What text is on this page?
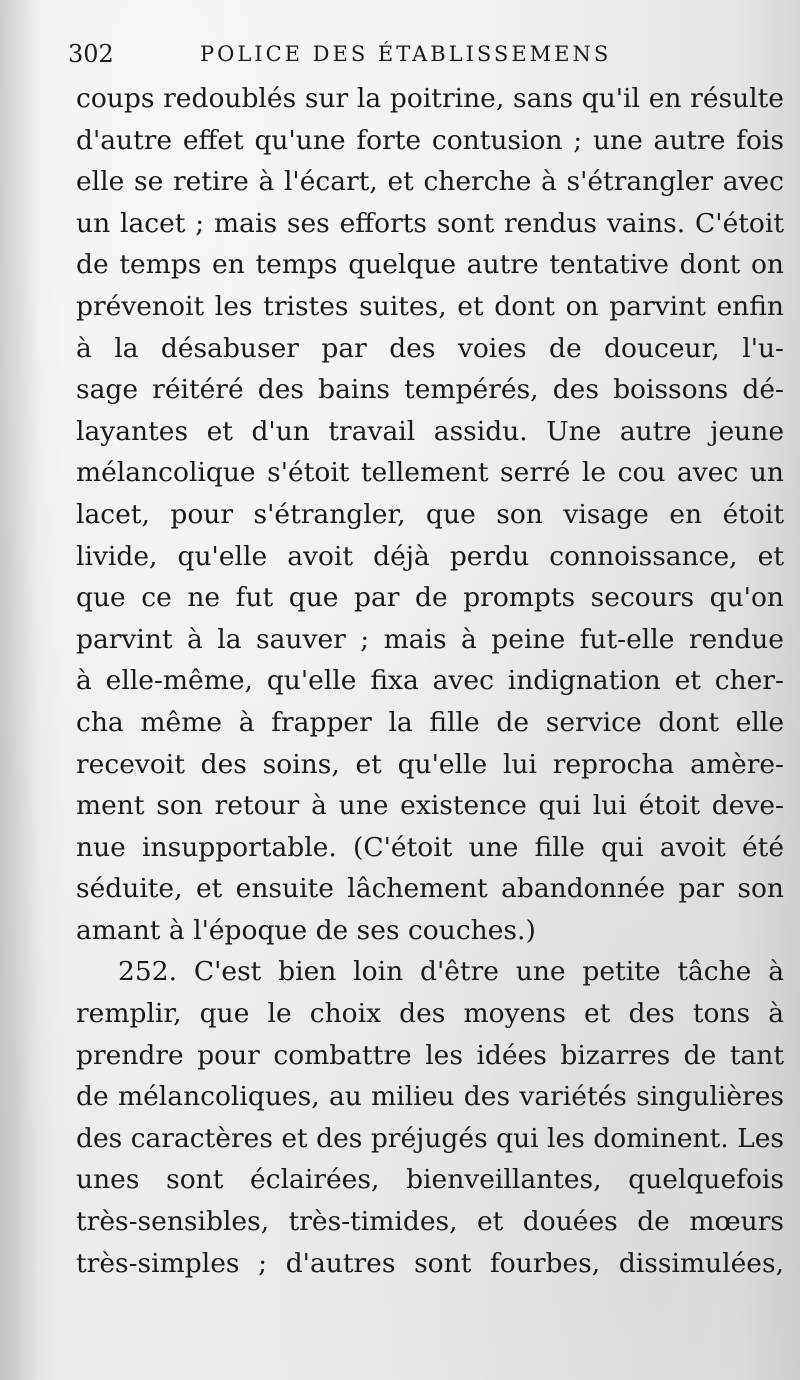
302	POLICE DES ÉTABLISSEMENS
coups redoublés sur la poitrine, sans qu'il en résulte
d'autre effet qu'une forte contusion ; une autre fois
elle se retire à l'écart, et cherche à s'étrangler avec
un lacet ; mais ses efforts sont rendus vains. C'étoit
de temps en temps quelque autre tentative dont on
prévenoit les tristes suites, et dont on parvint enfin
à la désabuser par des voies de douceur, l'u-
sage réitéré des bains tempérés, des boissons dé-
layantes et d'un travail assidu. Une autre jeune
mélancolique s'étoit tellement serré le cou avec un
lacet, pour s'étrangler, que son visage en étoit
livide, qu'elle avoit déjà perdu connoissance, et
que ce ne fut que par de prompts secours qu'on
parvint à la sauver ; mais à peine fut-elle rendue
à elle-même, qu'elle fixa avec indignation et cher-
cha même à frapper la fille de service dont elle
recevoit des soins, et qu'elle lui reprocha amère-
ment son retour à une existence qui lui étoit deve-
nue insupportable. (C'étoit une fille qui avoit été
séduite, et ensuite lâchement abandonnée par son
amant à l'époque de ses couches.)
252. C'est bien loin d'être une petite tâche à
remplir, que le choix des moyens et des tons à
prendre pour combattre les idées bizarres de tant
de mélancoliques, au milieu des variétés singulières
des caractères et des préjugés qui les dominent. Les
unes sont éclairées, bienveillantes, quelquefois
très-sensibles, très-timides, et douées de mœurs
très-simples ; d'autres sont fourbes, dissimulées,
